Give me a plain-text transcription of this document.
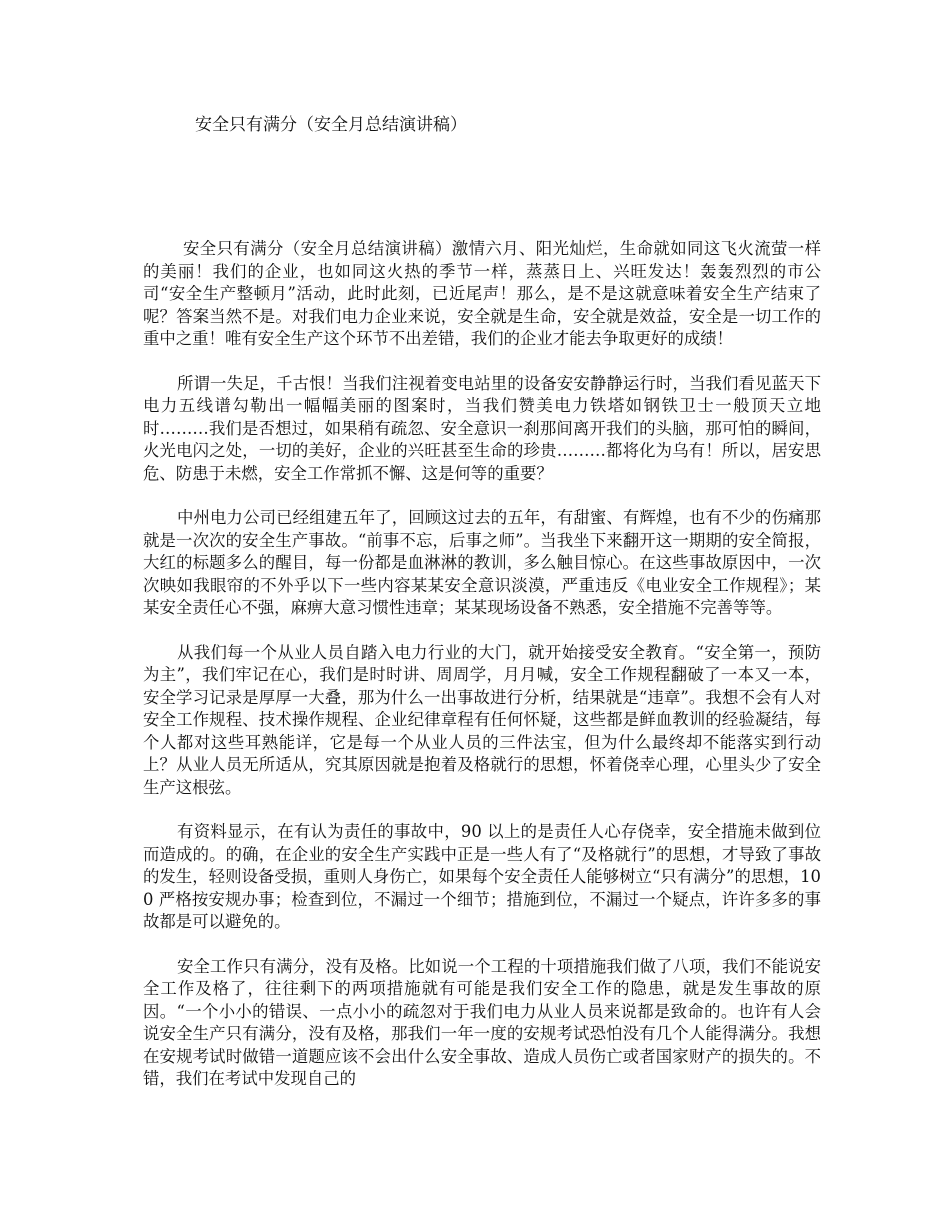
安全只有满分（安全月总结演讲稿）

安全只有满分（安全月总结演讲稿）激情六月、阳光灿烂，生命就如同这飞火流萤一样的美丽！我们的企业，也如同这火热的季节一样，蒸蒸日上、兴旺发达！轰轰烈烈的市公司“安全生产整顿月”活动，此时此刻，已近尾声！那么，是不是这就意味着安全生产结束了呢？答案当然不是。对我们电力企业来说，安全就是生命，安全就是效益，安全是一切工作的重中之重！唯有安全生产这个环节不出差错，我们的企业才能去争取更好的成绩！

所谓一失足，千古恨！当我们注视着变电站里的设备安安静静运行时，当我们看见蓝天下电力五线谱勾勒出一幅幅美丽的图案时，当我们赞美电力铁塔如钢铁卫士一般顶天立地时………我们是否想过，如果稍有疏忽、安全意识一刹那间离开我们的头脑，那可怕的瞬间，火光电闪之处，一切的美好，企业的兴旺甚至生命的珍贵………都将化为乌有！所以，居安思危、防患于未燃，安全工作常抓不懈、这是何等的重要？

中州电力公司已经组建五年了，回顾这过去的五年，有甜蜜、有辉煌，也有不少的伤痛那就是一次次的安全生产事故。“前事不忘，后事之师”。当我坐下来翻开这一期期的安全简报，大红的标题多么的醒目，每一份都是血淋淋的教训，多么触目惊心。在这些事故原因中，一次次映如我眼帘的不外乎以下一些内容某某安全意识淡漠，严重违反《电业安全工作规程》；某某安全责任心不强，麻痹大意习惯性违章；某某现场设备不熟悉，安全措施不完善等等。

从我们每一个从业人员自踏入电力行业的大门，就开始接受安全教育。“安全第一，预防为主”，我们牢记在心，我们是时时讲、周周学，月月喊，安全工作规程翻破了一本又一本，安全学习记录是厚厚一大叠，那为什么一出事故进行分析，结果就是“违章”。我想不会有人对安全工作规程、技术操作规程、企业纪律章程有任何怀疑，这些都是鲜血教训的经验凝结，每个人都对这些耳熟能详，它是每一个从业人员的三件法宝，但为什么最终却不能落实到行动上？从业人员无所适从，究其原因就是抱着及格就行的思想，怀着侥幸心理，心里头少了安全生产这根弦。

有资料显示，在有认为责任的事故中，90 以上的是责任人心存侥幸，安全措施未做到位而造成的。的确，在企业的安全生产实践中正是一些人有了“及格就行”的思想，才导致了事故的发生，轻则设备受损，重则人身伤亡，如果每个安全责任人能够树立“只有满分”的思想，100 严格按安规办事；检查到位，不漏过一个细节；措施到位，不漏过一个疑点，许许多多的事故都是可以避免的。

安全工作只有满分，没有及格。比如说一个工程的十项措施我们做了八项，我们不能说安全工作及格了，往往剩下的两项措施就有可能是我们安全工作的隐患，就是发生事故的原因。“一个小小的错误、一点小小的疏忽对于我们电力从业人员来说都是致命的。也许有人会说安全生产只有满分，没有及格，那我们一年一度的安规考试恐怕没有几个人能得满分。我想在安规考试时做错一道题应该不会出什么安全事故、造成人员伤亡或者国家财产的损失的。不错，我们在考试中发现自己的
